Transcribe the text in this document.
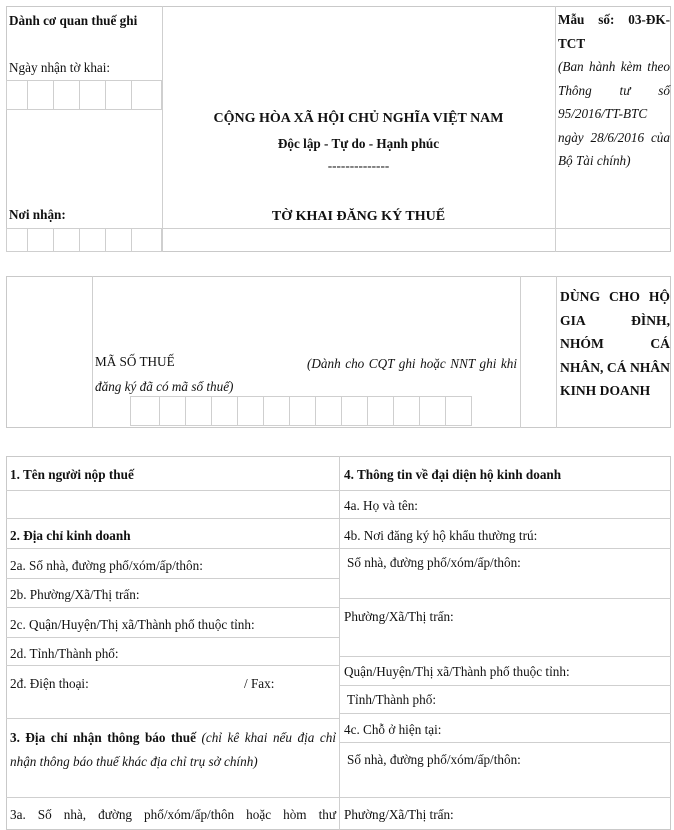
Dành cơ quan thuế ghi
Ngày nhận tờ khai:
Nơi nhận:
CỘNG HÒA XÃ HỘI CHỦ NGHĨA VIỆT NAM
Độc lập - Tự do - Hạnh phúc
--------------
TỜ KHAI ĐĂNG KÝ THUẾ
Mẫu số: 03-ĐK-TCT
(Ban hành kèm theo Thông tư số 95/2016/TT-BTC ngày 28/6/2016 của Bộ Tài chính)
MÃ SỐ THUẾ	(Dành cho CQT ghi hoặc NNT ghi khi đăng ký đã có mã số thuế)
DÙNG CHO HỘ GIA ĐÌNH, NHÓM CÁ NHÂN, CÁ NHÂN KINH DOANH
1. Tên người nộp thuế
2. Địa chỉ kinh doanh
2a. Số nhà, đường phố/xóm/ấp/thôn:
2b. Phường/Xã/Thị trấn:
2c. Quận/Huyện/Thị xã/Thành phố thuộc tỉnh:
2d. Tỉnh/Thành phố:
2đ. Điện thoại:	/ Fax:
3. Địa chỉ nhận thông báo thuế (chỉ kê khai nếu địa chỉ nhận thông báo thuế khác địa chỉ trụ sở chính)
3a. Số nhà, đường phố/xóm/ấp/thôn hoặc hòm thư
4. Thông tin về đại diện hộ kinh doanh
4a. Họ và tên:
4b. Nơi đăng ký hộ khẩu thường trú:
Số nhà, đường phố/xóm/ấp/thôn:
Phường/Xã/Thị trấn:
Quận/Huyện/Thị xã/Thành phố thuộc tỉnh:
Tỉnh/Thành phố:
4c. Chỗ ở hiện tại:
Số nhà, đường phố/xóm/ấp/thôn:
Phường/Xã/Thị trấn:
